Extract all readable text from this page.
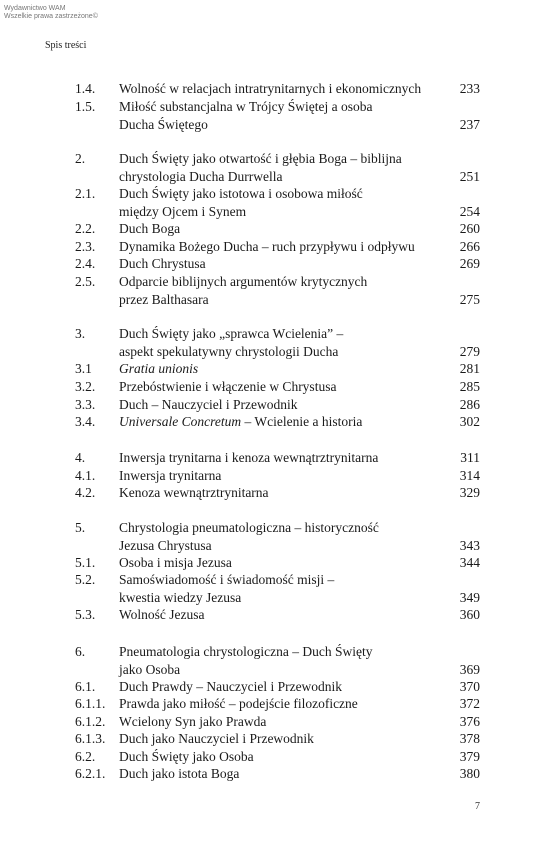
Wydawnictwo WAM
Wszelkie prawa zastrzeżone©
Spis treści
1.4. Wolność w relacjach intratrynitarnych i ekonomicznych	233
1.5. Miłość substancjalna w Trójcy Świętej a osoba
Ducha Świętego	237
2.	Duch Święty jako otwartość i głębia Boga – biblijna
chrystologia Ducha Durrwella	251
2.1. Duch Święty jako istotowa i osobowa miłość
między Ojcem i Synem	254
2.2. Duch Boga	260
2.3. Dynamika Bożego Ducha – ruch przypływu i odpływu	266
2.4. Duch Chrystusa	269
2.5. Odparcie biblijnych argumentów krytycznych
przez Balthasara	275
3.	Duch Święty jako „sprawca Wcielenia” –
aspekt spekulatywny chrystologii Ducha	279
3.1 Gratia unionis	281
3.2. Przebóstwienie i włączenie w Chrystusa	285
3.3. Duch – Nauczyciel i Przewodnik	286
3.4. Universale Concretum – Wcielenie a historia	302
4.	Inwersja trynitarna i kenoza wewnątrztrynitarna	311
4.1. Inwersja trynitarna	314
4.2. Kenoza wewnątrztrynitarna	329
5.	Chrystologia pneumatologiczna – historyczność
Jezusa Chrystusa	343
5.1. Osoba i misja Jezusa	344
5.2. Samoświadomość i świadomość misji –
kwestia wiedzy Jezusa	349
5.3. Wolność Jezusa	360
6.	Pneumatologia chrystologiczna – Duch Święty
jako Osoba	369
6.1. Duch Prawdy – Nauczyciel i Przewodnik	370
6.1.1. Prawda jako miłość – podejście filozoficzne	372
6.1.2. Wcielony Syn jako Prawda	376
6.1.3. Duch jako Nauczyciel i Przewodnik	378
6.2. Duch Święty jako Osoba	379
6.2.1. Duch jako istota Boga	380
7
